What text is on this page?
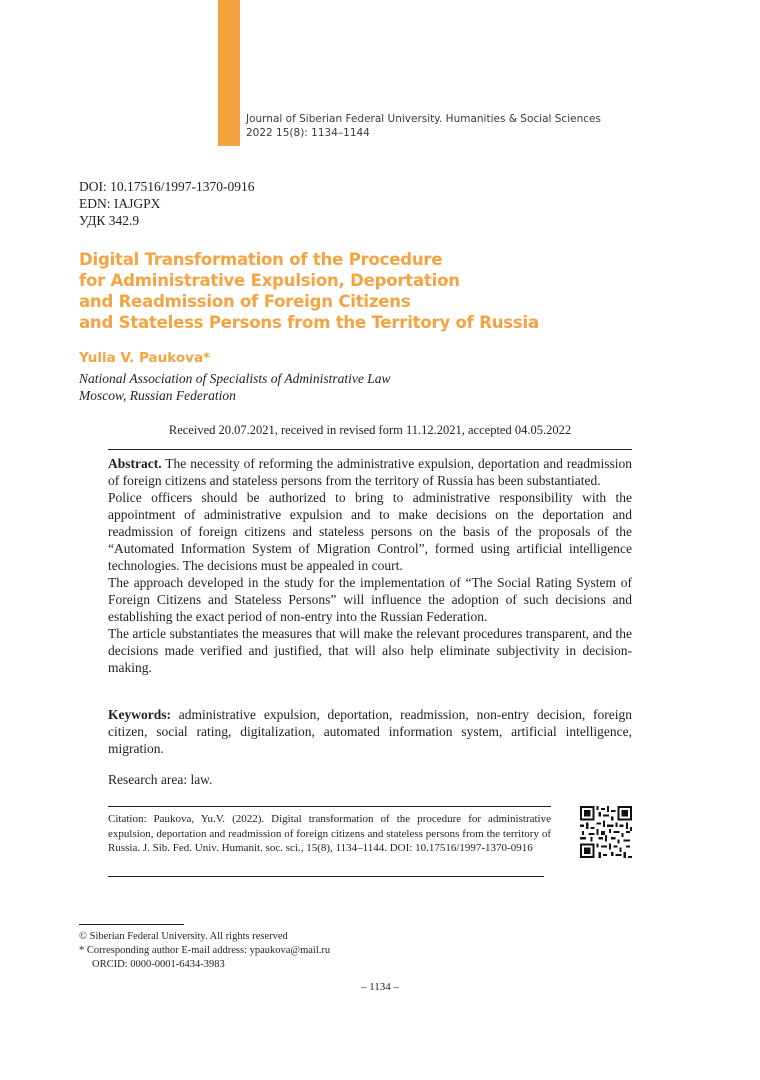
Journal of Siberian Federal University. Humanities & Social Sciences
2022 15(8): 1134–1144
DOI: 10.17516/1997-1370-0916
EDN: IAJGPX
УДК 342.9
Digital Transformation of the Procedure
for Administrative Expulsion, Deportation
and Readmission of Foreign Citizens
and Stateless Persons from the Territory of Russia
Yulia V. Paukova*
National Association of Specialists of Administrative Law
Moscow, Russian Federation
Received 20.07.2021, received in revised form 11.12.2021, accepted 04.05.2022

Abstract. The necessity of reforming the administrative expulsion, deportation and readmission of foreign citizens and stateless persons from the territory of Russia has been substantiated.

Police officers should be authorized to bring to administrative responsibility with the appointment of administrative expulsion and to make decisions on the deportation and readmission of foreign citizens and stateless persons on the basis of the proposals of the “Automated Information System of Migration Control”, formed using artificial intelligence technologies. The decisions must be appealed in court.

The approach developed in the study for the implementation of “The Social Rating System of Foreign Citizens and Stateless Persons” will influence the adoption of such decisions and establishing the exact period of non-entry into the Russian Federation.

The article substantiates the measures that will make the relevant procedures transparent, and the decisions made verified and justified, that will also help eliminate subjectivity in decision-making.

Keywords: administrative expulsion, deportation, readmission, non-entry decision, foreign citizen, social rating, digitalization, automated information system, artificial intelligence, migration.
Research area: law.
Citation: Paukova, Yu.V. (2022). Digital transformation of the procedure for administrative expulsion, deportation and readmission of foreign citizens and stateless persons from the territory of Russia. J. Sib. Fed. Univ. Humanit. soc. sci., 15(8), 1134–1144. DOI: 10.17516/1997-1370-0916
© Siberian Federal University. All rights reserved
* Corresponding author E-mail address: ypaukova@mail.ru
ORCID: 0000-0001-6434-3983
– 1134 –
